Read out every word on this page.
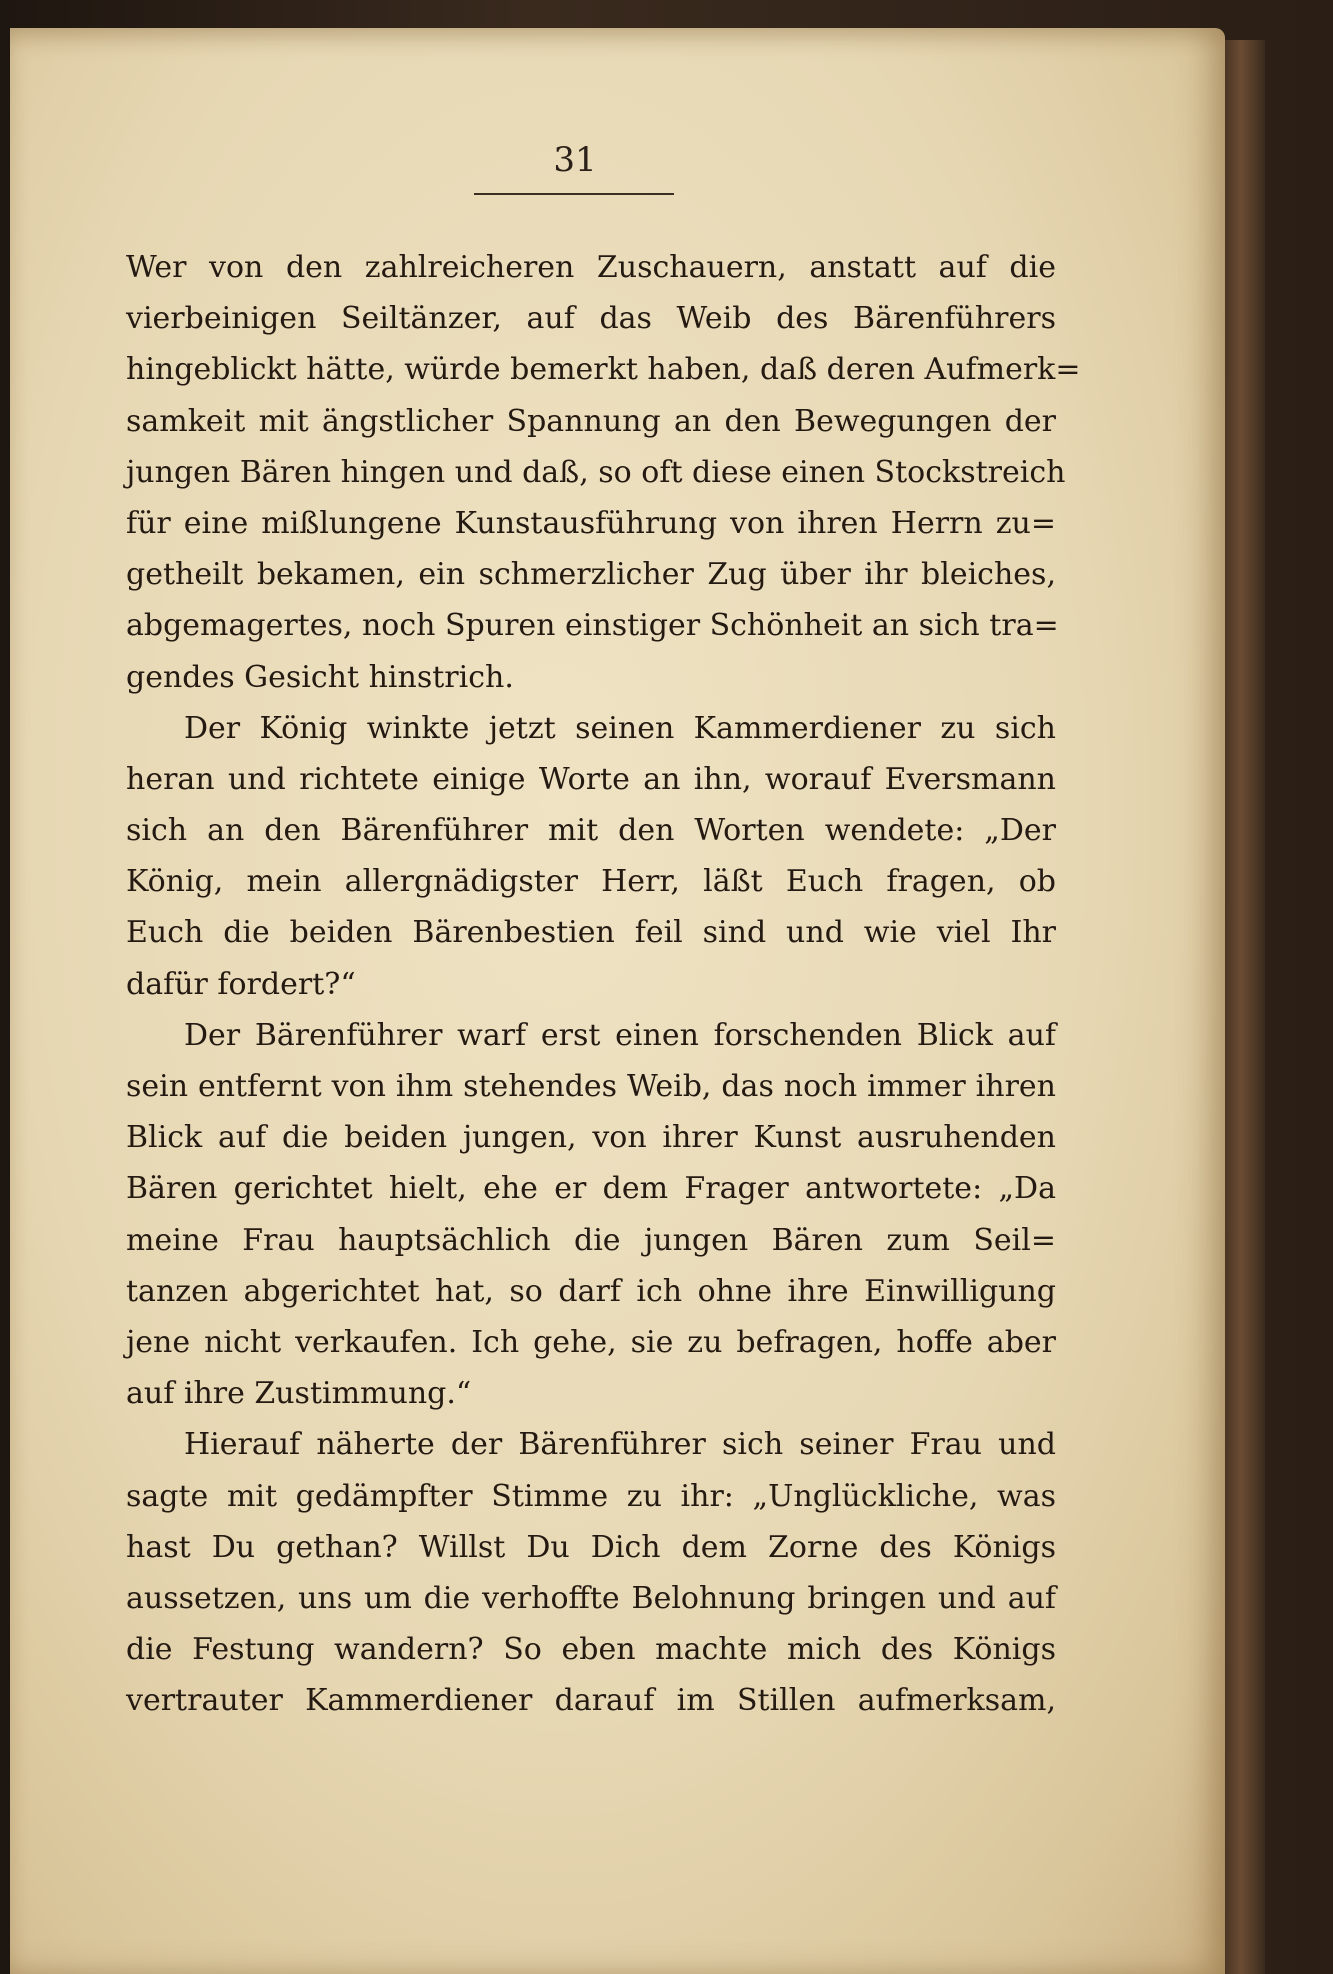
31
Wer von den zahlreicheren Zuschauern, anstatt auf die
vierbeinigen Seiltänzer, auf das Weib des Bärenführers
hingeblickt hätte, würde bemerkt haben, daß deren Aufmerk=
samkeit mit ängstlicher Spannung an den Bewegungen der
jungen Bären hingen und daß, so oft diese einen Stockstreich
für eine mißlungene Kunstausführung von ihren Herrn zu=
getheilt bekamen, ein schmerzlicher Zug über ihr bleiches,
abgemagertes, noch Spuren einstiger Schönheit an sich tra=
gendes Gesicht hinstrich.
Der König winkte jetzt seinen Kammerdiener zu sich
heran und richtete einige Worte an ihn, worauf Eversmann
sich an den Bärenführer mit den Worten wendete: „Der
König, mein allergnädigster Herr, läßt Euch fragen, ob
Euch die beiden Bärenbestien feil sind und wie viel Ihr
dafür fordert?“
Der Bärenführer warf erst einen forschenden Blick auf
sein entfernt von ihm stehendes Weib, das noch immer ihren
Blick auf die beiden jungen, von ihrer Kunst ausruhenden
Bären gerichtet hielt, ehe er dem Frager antwortete: „Da
meine Frau hauptsächlich die jungen Bären zum Seil=
tanzen abgerichtet hat, so darf ich ohne ihre Einwilligung
jene nicht verkaufen. Ich gehe, sie zu befragen, hoffe aber
auf ihre Zustimmung.“
Hierauf näherte der Bärenführer sich seiner Frau und
sagte mit gedämpfter Stimme zu ihr: „Unglückliche, was
hast Du gethan? Willst Du Dich dem Zorne des Königs
aussetzen, uns um die verhoffte Belohnung bringen und auf
die Festung wandern? So eben machte mich des Königs
vertrauter Kammerdiener darauf im Stillen aufmerksam,
